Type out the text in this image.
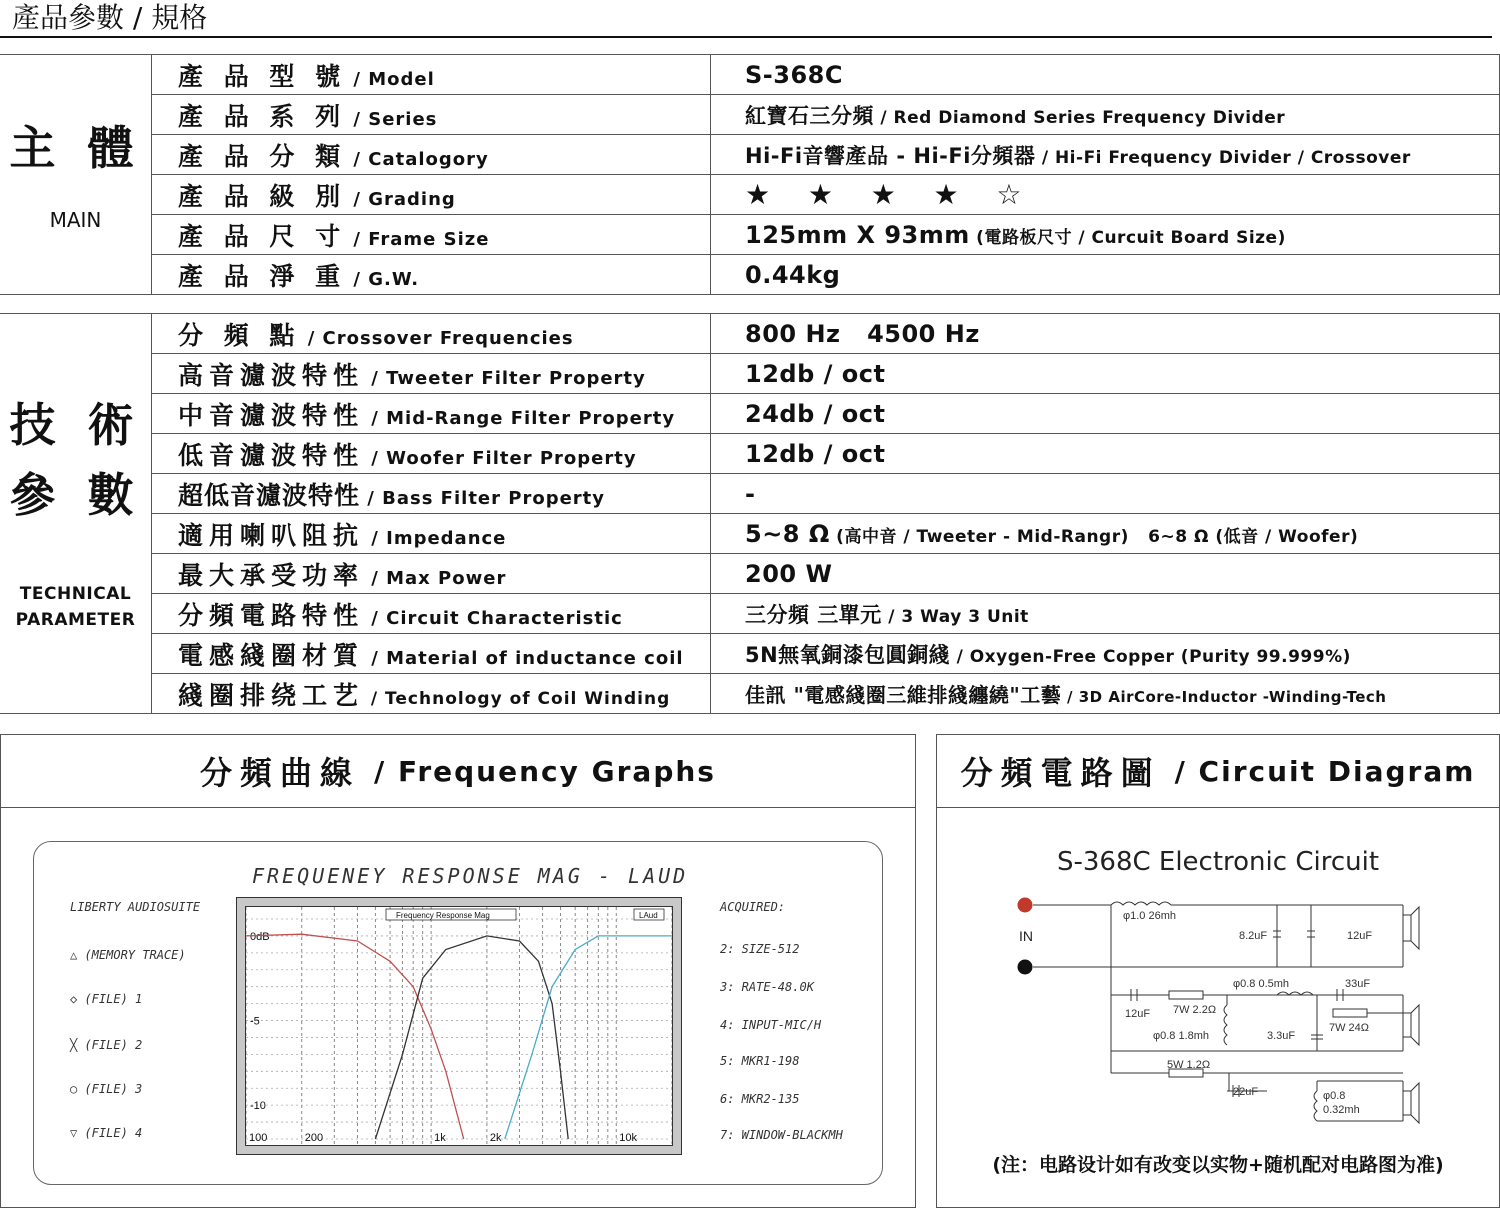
產品參數 / 規格
主 體
MAIN	產 品 型 號 / Model	S-368C
	產 品 系 列 / Series	紅寶石三分頻 / Red Diamond Series Frequency Divider
	產 品 分 類 / Catalogory	Hi-Fi音響產品 - Hi-Fi分頻器 / Hi-Fi Frequency Divider / Crossover
	產 品 級 別 / Grading	★ ★ ★ ★ ☆
	產 品 尺 寸 / Frame Size	125mm X 93mm (電路板尺寸 / Curcuit Board Size)
	產 品 淨 重 / G.W.	0.44kg
技 術
參 數
TECHNICAL
PARAMETER	分 頻 點 / Crossover Frequencies	800 Hz   4500 Hz
	高音濾波特性 / Tweeter Filter Property	12db / oct
	中音濾波特性 / Mid-Range Filter Property	24db / oct
	低音濾波特性 / Woofer Filter Property	12db / oct
	超低音濾波特性 / Bass Filter Property	-
	適用喇叭阻抗 / Impedance	5~8 Ω (高中音 / Tweeter - Mid-Rangr)   6~8 Ω (低音 / Woofer)
	最大承受功率 / Max Power	200 W
	分頻電路特性 / Circuit Characteristic	三分頻 三單元 / 3 Way 3 Unit
	電感綫圈材質 / Material of inductance coil	5N無氧銅漆包圓銅綫 / Oxygen-Free Copper (Purity 99.999%)
	綫圈排绕工艺 / Technology of Coil Winding	佳訊 "電感綫圈三維排綫纏繞"工藝 / 3D AirCore-Inductor -Winding-Tech
分頻曲線 / Frequency Graphs
FREQUENEY RESPONSE MAG - LAUD
LIBERTY AUDIOSUITE
△ (MEMORY TRACE)
◇ (FILE) 1
╳ (FILE) 2
○ (FILE) 3
▽ (FILE) 4
ACQUIRED:
2: SIZE-512
3: RATE-48.0K
4: INPUT-MIC/H
5: MKR1-198
6: MKR2-135
7: WINDOW-BLACKMH
Frequency Response Mag	LAud
0dB
-5
-10
100	200	1k	2k	10k
分頻電路圖 / Circuit Diagram
S-368C Electronic Circuit
φ1.0 26mh
8.2uF	12uF
φ0.8 0.5mh	33uF
12uF 7W 2.2Ω
7W 24Ω
φ0.8 1.8mh	3.3uF
5W 1.2Ω
22uF	φ0.8
0.32mh
IN
(注：电路设计如有改变以实物+随机配对电路图为准)
